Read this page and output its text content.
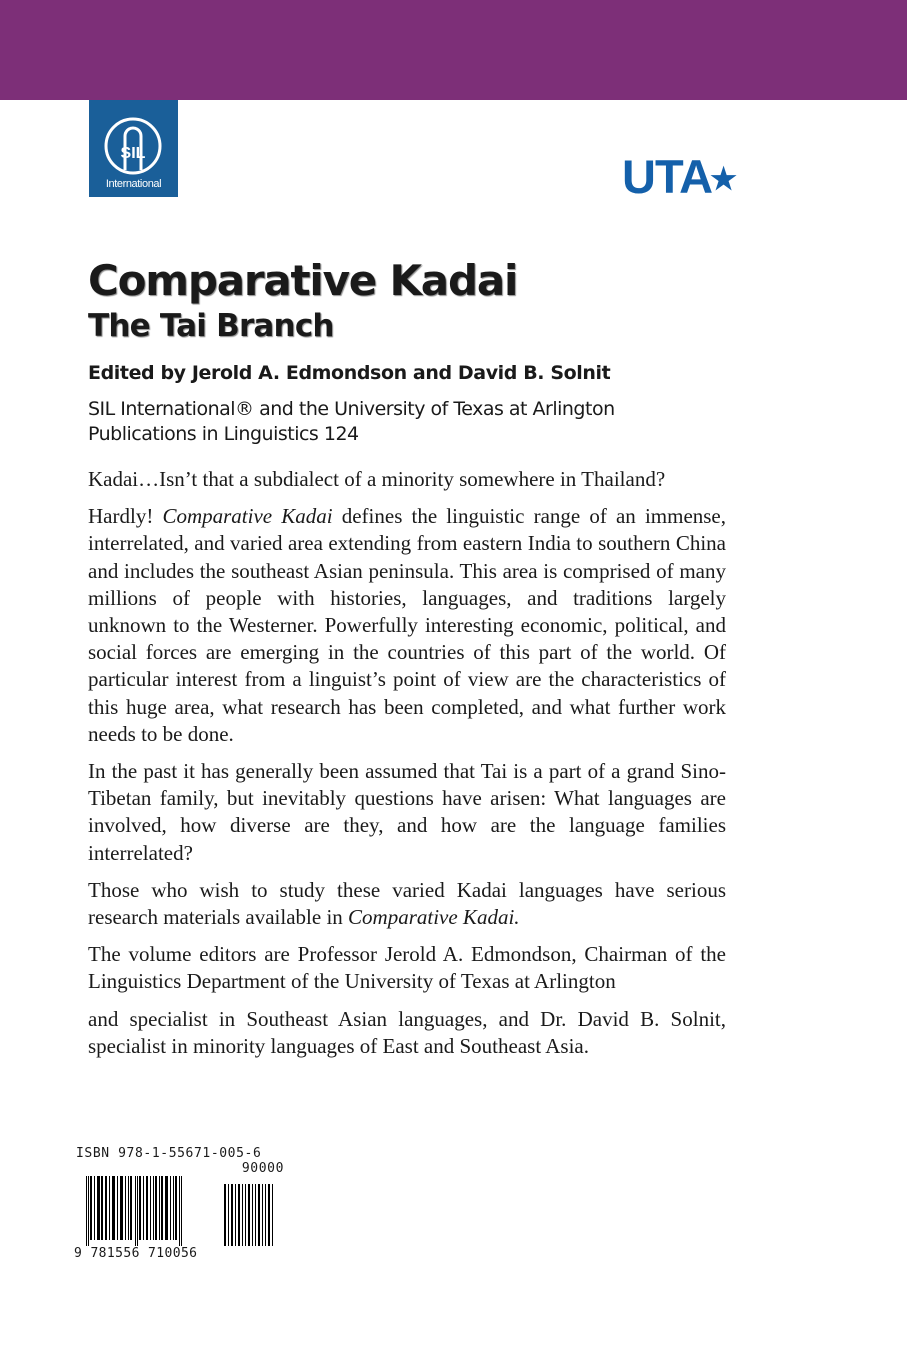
SIL
International	UTA★
Comparative Kadai
The Tai Branch
Edited by Jerold A. Edmondson and David B. Solnit
SIL International® and the University of Texas at Arlington
Publications in Linguistics 124

Kadai…Isn’t that a subdialect of a minority somewhere in Thailand?

Hardly! Comparative Kadai defines the linguistic range of an immense, interrelated, and varied area extending from eastern India to southern China and includes the southeast Asian peninsula. This area is comprised of many millions of people with histories, languages, and traditions largely unknown to the Westerner. Powerfully interesting economic, political, and social forces are emerging in the countries of this part of the world. Of particular interest from a linguist’s point of view are the characteristics of this huge area, what research has been completed, and what further work needs to be done.

In the past it has generally been assumed that Tai is a part of a grand Sino-Tibetan family, but inevitably questions have arisen: What languages are involved, how diverse are they, and how are the language families interrelated?

Those who wish to study these varied Kadai languages have serious research materials available in Comparative Kadai.

The volume editors are Professor Jerold A. Edmondson, Chairman of the Linguistics Department of the University of Texas at Arlington

and specialist in Southeast Asian languages, and Dr. David B. Solnit, specialist in minority languages of East and Southeast Asia.

ISBN 978-1-55671-005-6
90000
9 781556 710056
